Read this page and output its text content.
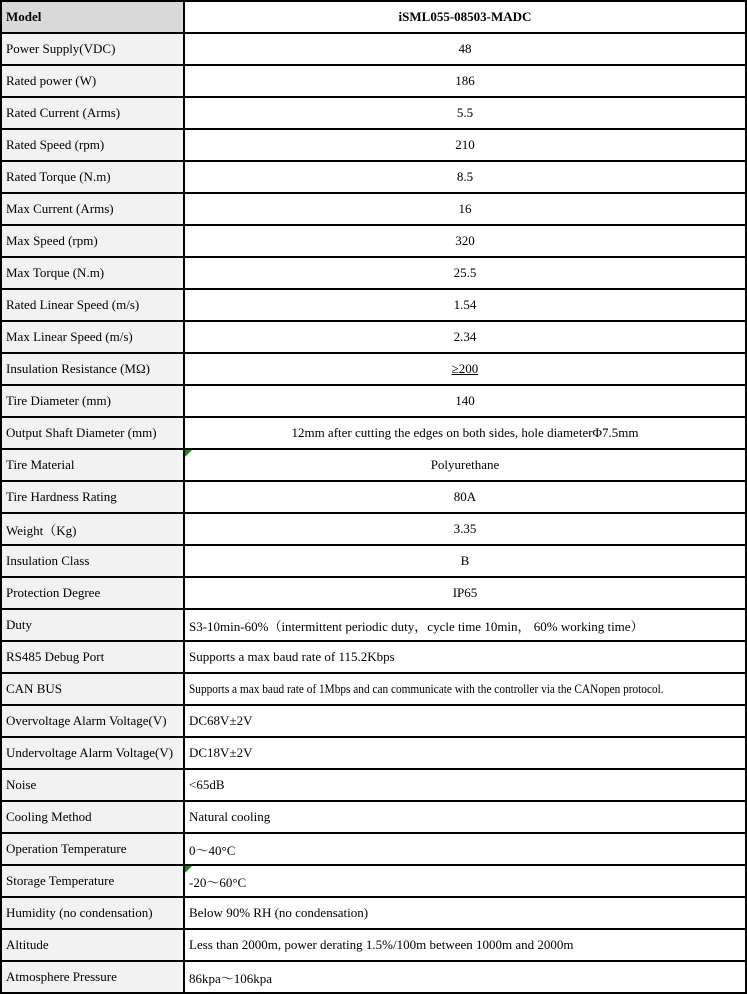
Model	iSML055-08503-MADC
Power Supply(VDC)	48
Rated power (W)	186
Rated Current (Arms)	5.5
Rated Speed (rpm)	210
Rated Torque (N.m)	8.5
Max Current (Arms)	16
Max Speed (rpm)	320
Max Torque (N.m)	25.5
Rated Linear Speed (m/s)	1.54
Max Linear Speed (m/s)	2.34
Insulation Resistance (MΩ)	≥200
Tire Diameter (mm)	140
Output Shaft Diameter (mm)	12mm after cutting the edges on both sides, hole diameterΦ7.5mm
Tire Material	Polyurethane
Tire Hardness Rating	80A
Weight（Kg)	3.35
Insulation Class	B
Protection Degree	IP65
Duty	S3-10min-60%（intermittent periodic duty，cycle time 10min， 60% working time）
RS485 Debug Port	Supports a max baud rate of 115.2Kbps
CAN BUS	Supports a max baud rate of 1Mbps and can communicate with the controller via the CANopen protocol.
Overvoltage Alarm Voltage(V)	DC68V±2V
Undervoltage Alarm Voltage(V)	DC18V±2V
Noise	<65dB
Cooling Method	Natural cooling
Operation Temperature	0～40°C
Storage Temperature	-20～60°C
Humidity (no condensation)	Below 90% RH (no condensation)
Altitude	Less than 2000m, power derating 1.5%/100m between 1000m and 2000m
Atmosphere Pressure	86kpa～106kpa
